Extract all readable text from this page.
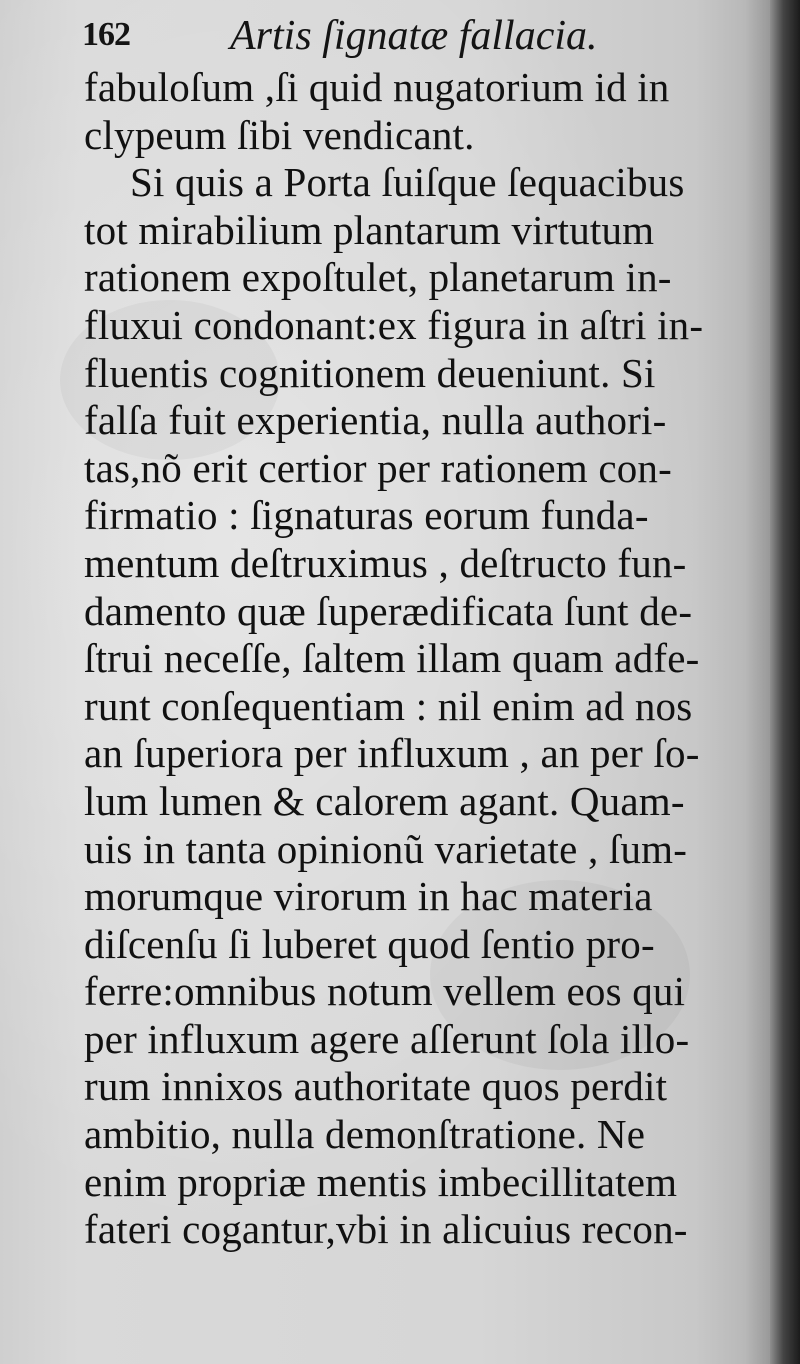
162 Artis ſignatæ fallacia.
fabuloſum ,ſi quid nugatorium id in
clypeum ſibi vendicant.
Si quis a Porta ſuiſque ſequacibus
tot mirabilium plantarum virtutum
rationem expoſtulet, planetarum in-
fluxui condonant:ex figura in aſtri in-
fluentis cognitionem deueniunt. Si
falſa fuit experientia, nulla authori-
tas,nõ erit certior per rationem con-
firmatio : ſignaturas eorum funda-
mentum deſtruximus , deſtructo fun-
damento quæ ſuperædificata ſunt de-
ſtrui neceſſe, ſaltem illam quam adfe-
runt conſequentiam : nil enim ad nos
an ſuperiora per influxum , an per ſo-
lum lumen & calorem agant. Quam-
uis in tanta opinionũ varietate , ſum-
morumque virorum in hac materia
diſcenſu ſi luberet quod ſentio pro-
ferre:omnibus notum vellem eos qui
per influxum agere aſſerunt ſola illo-
rum innixos authoritate quos perdit
ambitio, nulla demonſtratione. Ne
enim propriæ mentis imbecillitatem
fateri cogantur,vbi in alicuius recon-
